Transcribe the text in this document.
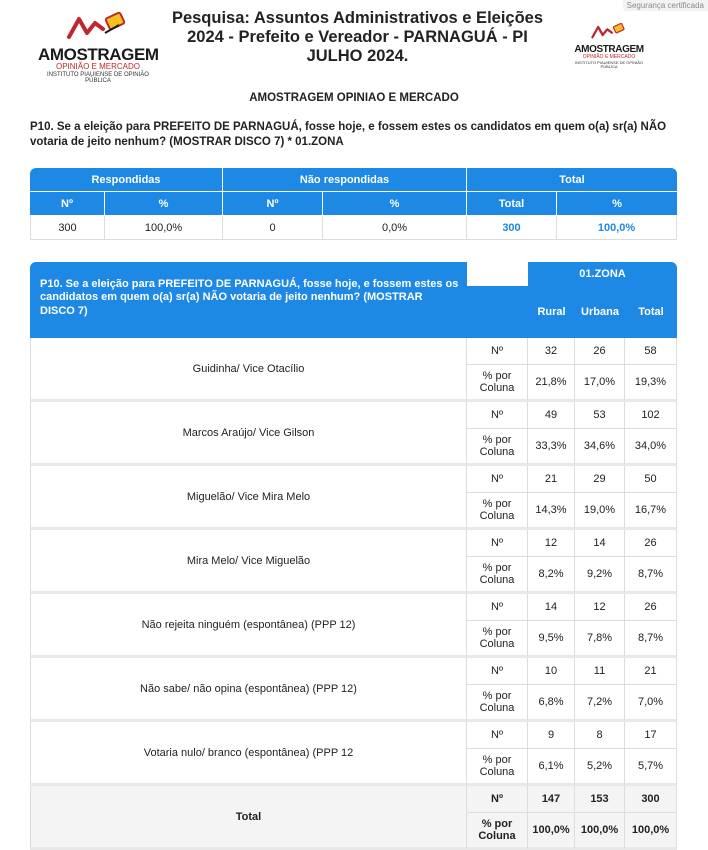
Segurança certificada
AMOSTRAGEM
OPINIÃO E MERCADO
INSTITUTO PIAUIENSE DE OPINIÃO PÚBLICA
Pesquisa: Assuntos Administrativos e Eleições
2024 - Prefeito e Vereador - PARNAGUÁ - PI
JULHO 2024.	AMOSTRAGEM
OPINIÃO E MERCADO
INSTITUTO PIAUIENSE DE OPINIÃO PÚBLICA
AMOSTRAGEM OPINIAO E MERCADO
P10. Se a eleição para PREFEITO DE PARNAGUÁ, fosse hoje, e fossem estes os candidatos em quem o(a) sr(a) NÃO votaria de jeito nenhum? (MOSTRAR DISCO 7) * 01.ZONA
Respondidas		Não respondidas		Total	
Nº	%	Nº	%	Total	%
300	100,0%	0	0,0%	300	100,0%
P10. Se a eleição para PREFEITO DE PARNAGUÁ, fosse hoje, e fossem estes os candidatos em quem o(a) sr(a) NÃO votaria de jeito nenhum? (MOSTRAR DISCO 7)		01.ZONA		
		Rural	Urbana	Total
Guidinha/ Vice Otacílio	Nº	32	26	58
	% por Coluna	21,8%	17,0%	19,3%
Marcos Araújo/ Vice Gilson	Nº	49	53	102
	% por Coluna	33,3%	34,6%	34,0%
Miguelão/ Vice Mira Melo	Nº	21	29	50
	% por Coluna	14,3%	19,0%	16,7%
Mira Melo/ Vice Miguelão	Nº	12	14	26
	% por Coluna	8,2%	9,2%	8,7%
Não rejeita ninguém (espontânea) (PPP 12)	Nº	14	12	26
	% por Coluna	9,5%	7,8%	8,7%
Não sabe/ não opina (espontânea) (PPP 12)	Nº	10	11	21
	% por Coluna	6,8%	7,2%	7,0%
Votaria nulo/ branco (espontânea) (PPP 12	Nº	9	8	17
	% por Coluna	6,1%	5,2%	5,7%
Total	Nº	147	153	300
	% por Coluna	100,0%	100,0%	100,0%
